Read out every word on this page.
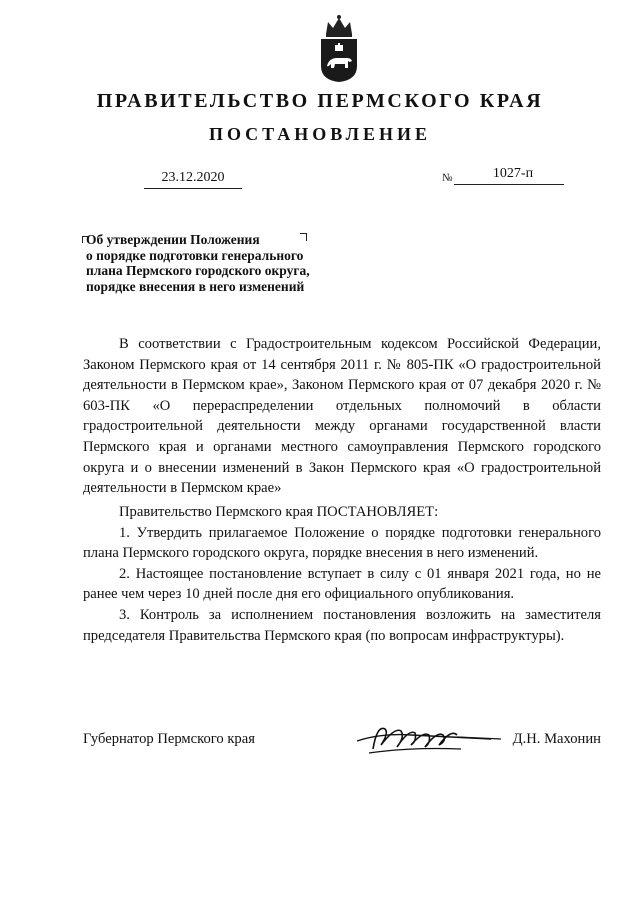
ПРАВИТЕЛЬСТВО ПЕРМСКОГО КРАЯ
ПОСТАНОВЛЕНИЕ
23.12.2020	№	1027-п
Об утверждении Положения
о порядке подготовки генерального
плана Пермского городского округа,
порядке внесения в него изменений

В соответствии с Градостроительным кодексом Российской Федерации, Законом Пермского края от 14 сентября 2011 г. № 805-ПК «О градостроительной деятельности в Пермском крае», Законом Пермского края от 07 декабря 2020 г. № 603-ПК «О перераспределении отдельных полномочий в области градостроительной деятельности между органами государственной власти Пермского края и органами местного самоуправления Пермского городского округа и о внесении изменений в Закон Пермского края «О градостроительной деятельности в Пермском крае»

Правительство Пермского края ПОСТАНОВЛЯЕТ:

1. Утвердить прилагаемое Положение о порядке подготовки генерального плана Пермского городского округа, порядке внесения в него изменений.

2. Настоящее постановление вступает в силу с 01 января 2021 года, но не ранее чем через 10 дней после дня его официального опубликования.

3. Контроль за исполнением постановления возложить на заместителя председателя Правительства Пермского края (по вопросам инфраструктуры).

Губернатор Пермского края	Д.Н. Махонин
